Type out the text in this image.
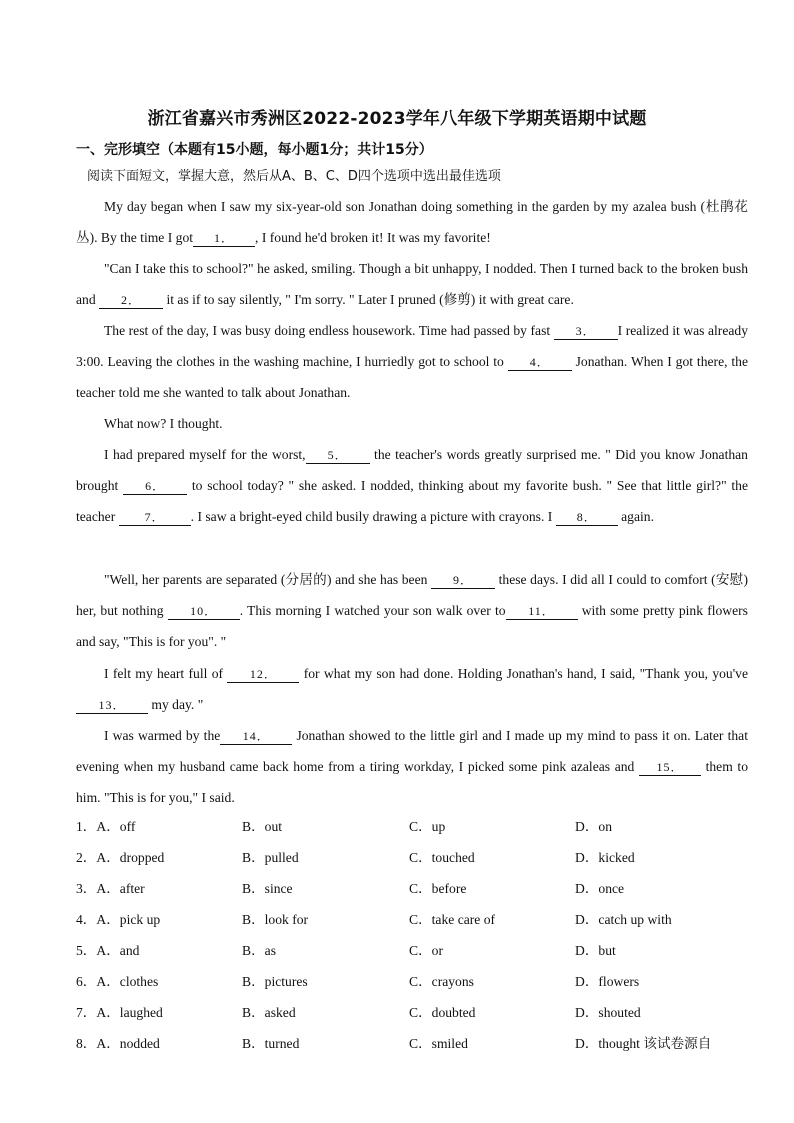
浙江省嘉兴市秀洲区2022-2023学年八年级下学期英语期中试题
一、完形填空（本题有15小题，每小题1分；共计15分）
阅读下面短文，掌握大意，然后从A、B、C、D四个选项中选出最佳选项
My day began when I saw my six-year-old son Jonathan doing something in the garden by my azalea bush (杜鹃花丛). By the time I got 1． , I found he'd broken it! It was my favorite!
"Can I take this to school?" he asked, smiling. Though a bit unhappy, I nodded. Then I turned back to the broken bush and 2． it as if to say silently, " I'm sorry. " Later I pruned (修剪) it with great care.
The rest of the day, I was busy doing endless housework. Time had passed by fast 3． I realized it was already 3:00. Leaving the clothes in the washing machine, I hurriedly got to school to 4． Jonathan. When I got there, the teacher told me she wanted to talk about Jonathan.
What now? I thought.
I had prepared myself for the worst, 5． the teacher's words greatly surprised me. " Did you know Jonathan brought 6． to school today? " she asked. I nodded, thinking about my favorite bush. " See that little girl?" the teacher 7． . I saw a bright-eyed child busily drawing a picture with crayons. I 8． again.
"Well, her parents are separated (分居的) and she has been 9． these days. I did all I could to comfort (安慰) her, but nothing 10． . This morning I watched your son walk over to 11． with some pretty pink flowers and say, "This is for you". "
I felt my heart full of 12． for what my son had done. Holding Jonathan's hand, I said, "Thank you, you've 13． my day. "
I was warmed by the 14． Jonathan showed to the little girl and I made up my mind to pass it on. Later that evening when my husband came back home from a tiring workday, I picked some pink azaleas and 15． them to him. "This is for you," I said.
1．A．off	B．out	C．up	D．on
2．A．dropped	B．pulled	C．touched	D．kicked
3．A．after	B．since	C．before	D．once
4．A．pick up	B．look for	C．take care of	D．catch up with
5．A．and	B．as	C．or	D．but
6．A．clothes	B．pictures	C．crayons	D．flowers
7．A．laughed	B．asked	C．doubted	D．shouted
8．A．nodded	B．turned	C．smiled	D．thought 该试卷源自
